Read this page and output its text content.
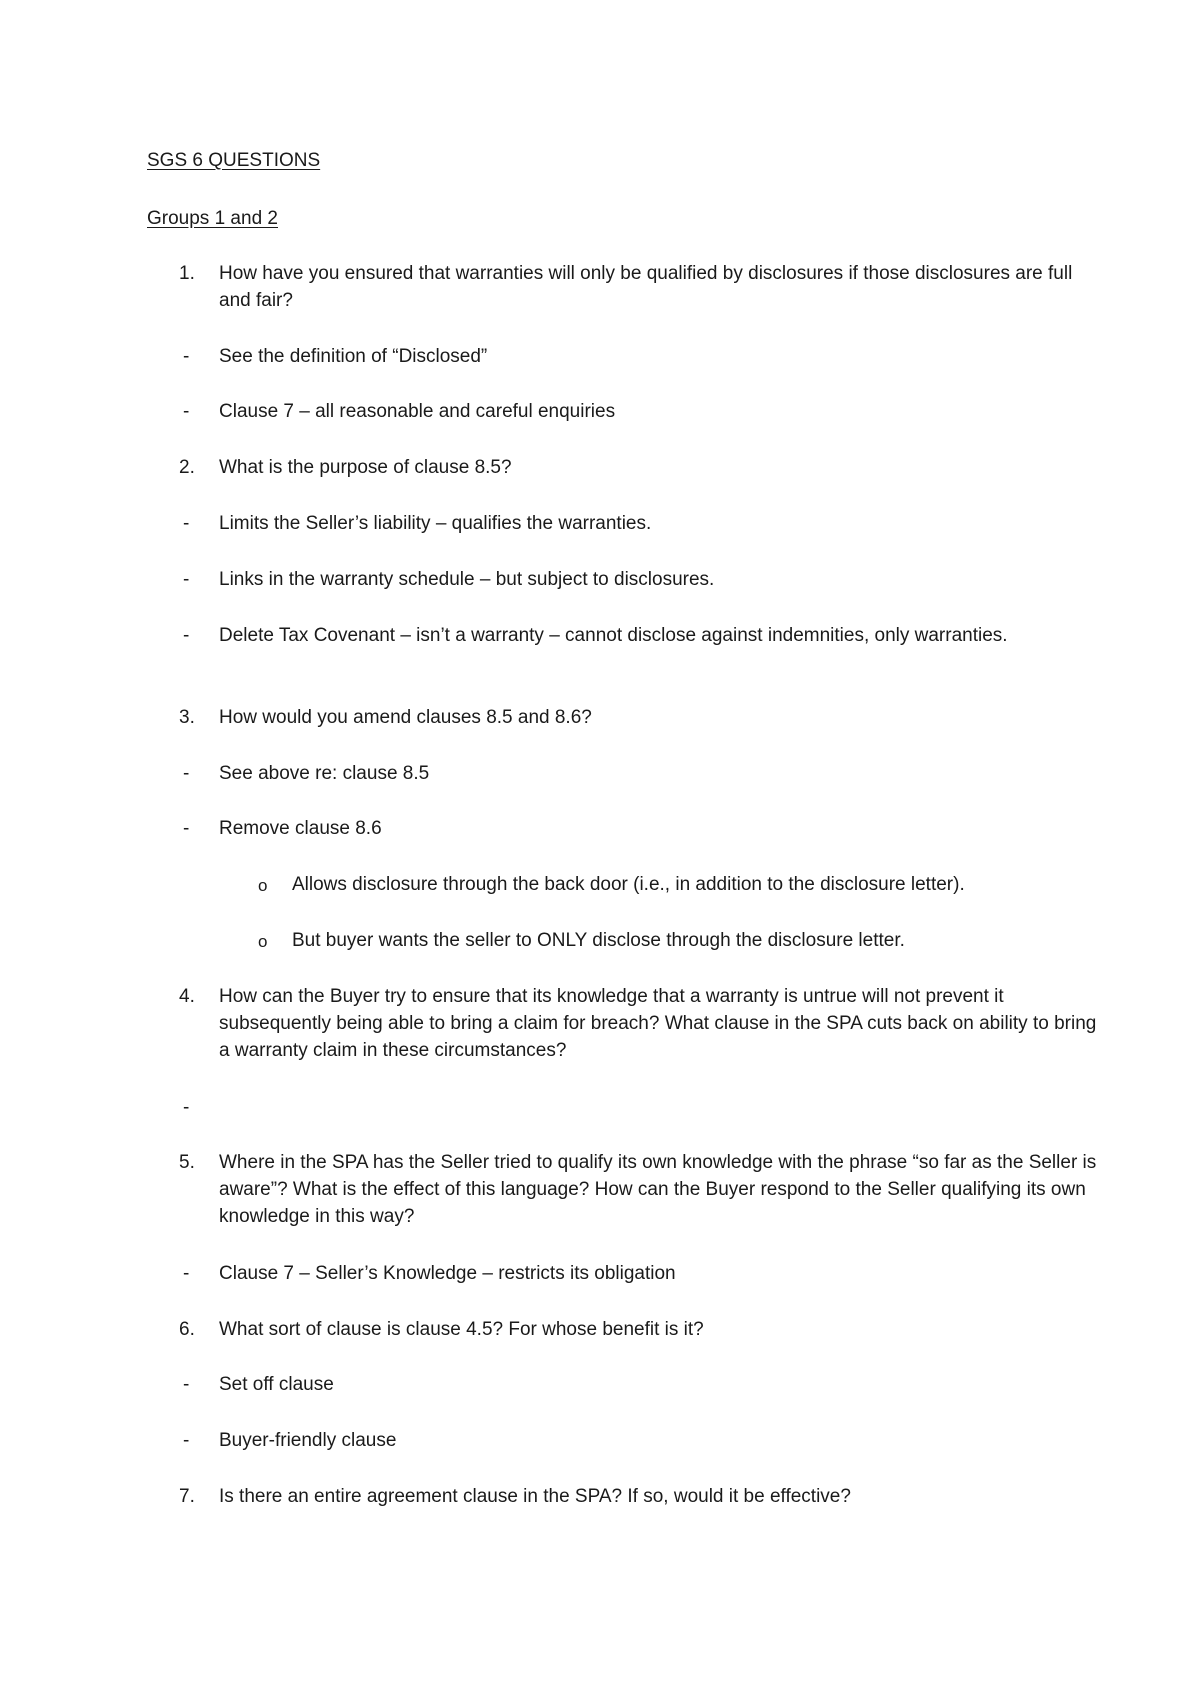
SGS 6 QUESTIONS
Groups 1 and 2
1. How have you ensured that warranties will only be qualified by disclosures if those disclosures are full and fair?
- See the definition of “Disclosed”
- Clause 7 – all reasonable and careful enquiries
2. What is the purpose of clause 8.5?
- Limits the Seller’s liability – qualifies the warranties.
- Links in the warranty schedule – but subject to disclosures.
- Delete Tax Covenant – isn’t a warranty – cannot disclose against indemnities, only warranties.
3. How would you amend clauses 8.5 and 8.6?
- See above re: clause 8.5
- Remove clause 8.6
o Allows disclosure through the back door (i.e., in addition to the disclosure letter).
o But buyer wants the seller to ONLY disclose through the disclosure letter.
4. How can the Buyer try to ensure that its knowledge that a warranty is untrue will not prevent it subsequently being able to bring a claim for breach? What clause in the SPA cuts back on ability to bring a warranty claim in these circumstances?
-
5. Where in the SPA has the Seller tried to qualify its own knowledge with the phrase “so far as the Seller is aware”? What is the effect of this language? How can the Buyer respond to the Seller qualifying its own knowledge in this way?
- Clause 7 – Seller’s Knowledge – restricts its obligation
6. What sort of clause is clause 4.5? For whose benefit is it?
- Set off clause
- Buyer-friendly clause
7. Is there an entire agreement clause in the SPA? If so, would it be effective?
